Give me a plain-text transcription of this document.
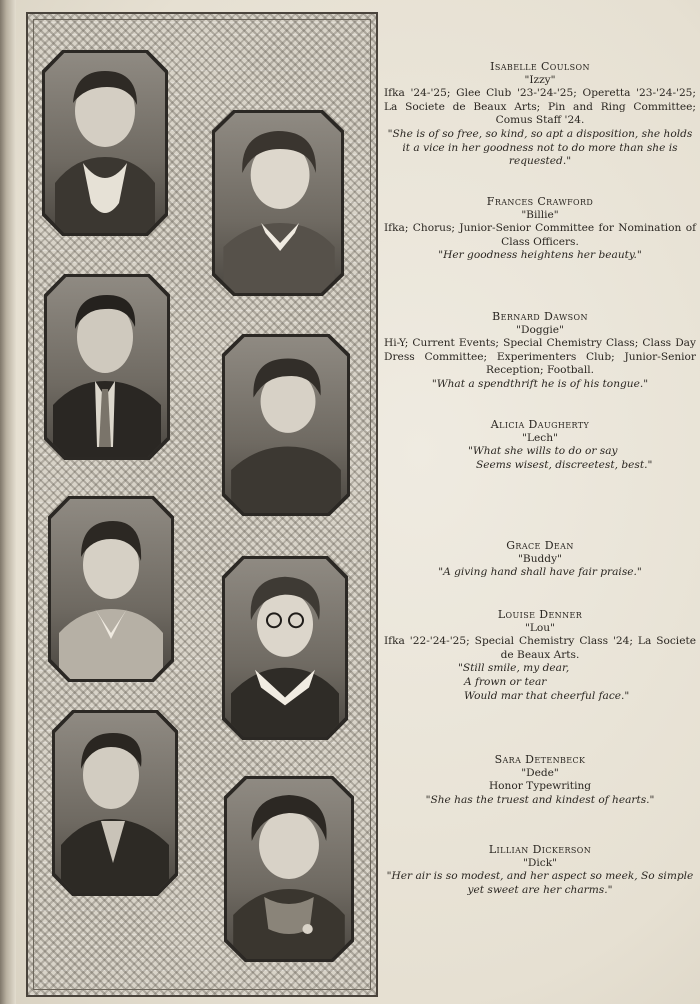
Isabelle Coulson
"Izzy"
Ifka '24-'25; Glee Club '23-'24-'25; Operetta '23-'24-'25; La Societe de Beaux Arts; Pin and Ring Committee; Comus Staff '24.
"She is of so free, so kind, so apt a disposition, she holds it a vice in her goodness not to do more than she is requested."
Frances Crawford
"Billie"
Ifka; Chorus; Junior-Senior Committee for Nomination of Class Officers.
"Her goodness heightens her beauty."
Bernard Dawson
"Doggie"
Hi-Y; Current Events; Special Chemistry Class; Class Day Dress Committee; Experimenters Club; Junior-Senior Reception; Football.
"What a spendthrift he is of his tongue."
Alicia Daugherty
"Lech"
"What she wills to do or say
Seems wisest, discreetest, best."
Grace Dean
"Buddy"
"A giving hand shall have fair praise."
Louise Denner
"Lou"
Ifka '22-'24-'25; Special Chemistry Class '24; La Societe de Beaux Arts.
"Still smile, my dear,
A frown or tear
Would mar that cheerful face."
Sara Detenbeck
"Dede"
Honor Typewriting
"She has the truest and kindest of hearts."
Lillian Dickerson
"Dick"
"Her air is so modest, and her aspect so meek, So simple yet sweet are her charms."
